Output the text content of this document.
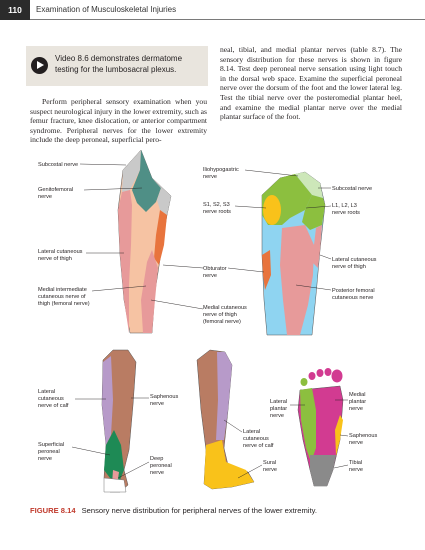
110	Examination of Musculoskeletal Injuries
Video 8.6 demonstrates dermatome testing for the lumbosacral plexus.
Perform peripheral sensory examination when you suspect neurological injury in the lower extremity, such as femur fracture, knee dislocation, or anterior compartment syndrome. Peripheral nerves for the lower extremity include the deep peroneal, superficial pero-
neal, tibial, and medial plantar nerves (table 8.7). The sensory distribution for these nerves is shown in figure 8.14. Test deep peroneal nerve sensation using light touch in the dorsal web space. Examine the superficial peroneal nerve over the dorsum of the foot and the lower lateral leg. Test the tibial nerve over the posteromedial plantar heel, and examine the medial plantar nerve over the medial plantar surface of the foot.
Subcostal nerve
Genitofemoral nerve
Lateral cutaneous nerve of thigh
Medial intermediate cutaneous nerve of thigh (femoral nerve)
Iliohypogastric nerve
S1, S2, S3 nerve roots
Obturator nerve
Medial cutaneous nerve of thigh (femoral nerve)
Subcostal nerve
L1, L2, L3 nerve roots
Lateral cutaneous nerve of thigh
Posterior femoral cutaneous nerve
Lateral cutaneous nerve of calf
Saphenous nerve
Superficial peroneal nerve	Deep peroneal nerve
Lateral cutaneous nerve of calf
Sural nerve
Lateral plantar nerve
Medial plantar nerve
Saphenous nerve
Tibial nerve
FIGURE 8.14 Sensory nerve distribution for peripheral nerves of the lower extremity.
